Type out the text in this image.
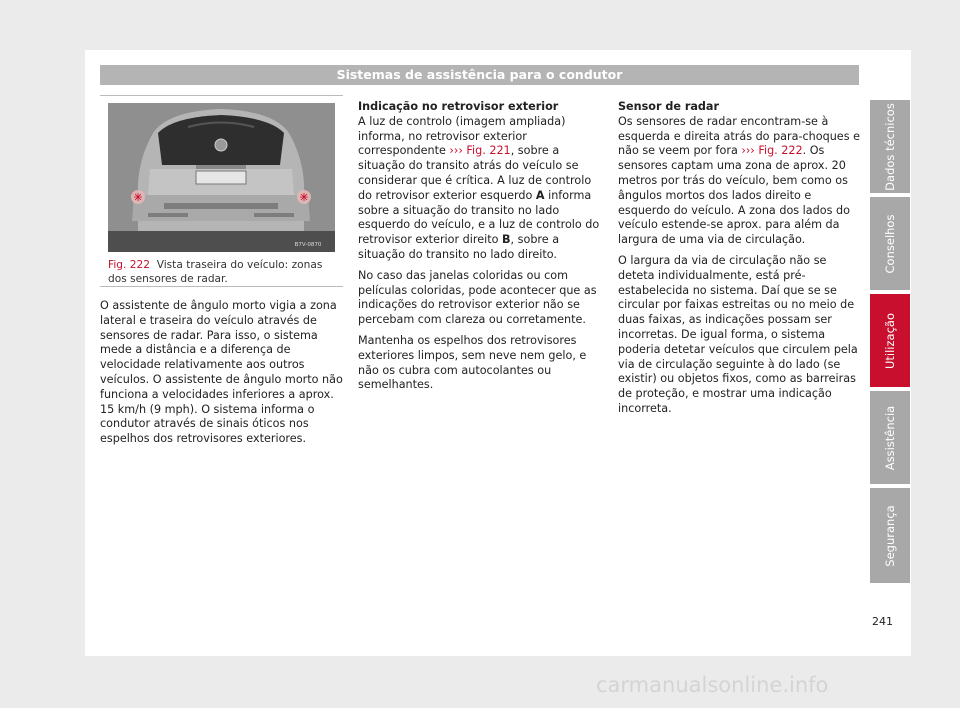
Sistemas de assistência para o condutor
B7V-0870
Fig. 222 Vista traseira do veículo: zonas dos sensores de radar.

O assistente de ângulo morto vigia a zona lateral e traseira do veículo através de sensores de radar. Para isso, o sistema mede a distância e a diferença de velocidade relativamente aos outros veículos. O assistente de ângulo morto não funciona a velocidades inferiores a aprox. 15 km/h (9 mph). O sistema informa o condutor através de sinais óticos nos espelhos dos retrovisores exteriores.

Indicação no retrovisor exterior

A luz de controlo (imagem ampliada) informa, no retrovisor exterior correspondente ››› Fig. 221, sobre a situação do transito atrás do veículo se considerar que é crítica. A luz de controlo do retrovisor exterior esquerdo A informa sobre a situação do transito no lado esquerdo do veículo, e a luz de controlo do retrovisor exterior direito B, sobre a situação do transito no lado direito.

No caso das janelas coloridas ou com películas coloridas, pode acontecer que as indicações do retrovisor exterior não se percebam com clareza ou corretamente.

Mantenha os espelhos dos retrovisores exteriores limpos, sem neve nem gelo, e não os cubra com autocolantes ou semelhantes.

Sensor de radar

Os sensores de radar encontram-se à esquerda e direita atrás do para-choques e não se veem por fora ››› Fig. 222. Os sensores captam uma zona de aprox. 20 metros por trás do veículo, bem como os ângulos mortos dos lados direito e esquerdo do veículo. A zona dos lados do veículo estende-se aprox. para além da largura de uma via de circulação.

O largura da via de circulação não se deteta individualmente, está pré-estabelecida no sistema. Daí que se se circular por faixas estreitas ou no meio de duas faixas, as indicações possam ser incorretas. De igual forma, o sistema poderia detetar veículos que circulem pela via de circulação seguinte à do lado (se existir) ou objetos fixos, como as barreiras de proteção, e mostrar uma indicação incorreta.

Dados técnicos
Conselhos
Utilização
Assistência
Segurança
241
carmanualsonline.info
